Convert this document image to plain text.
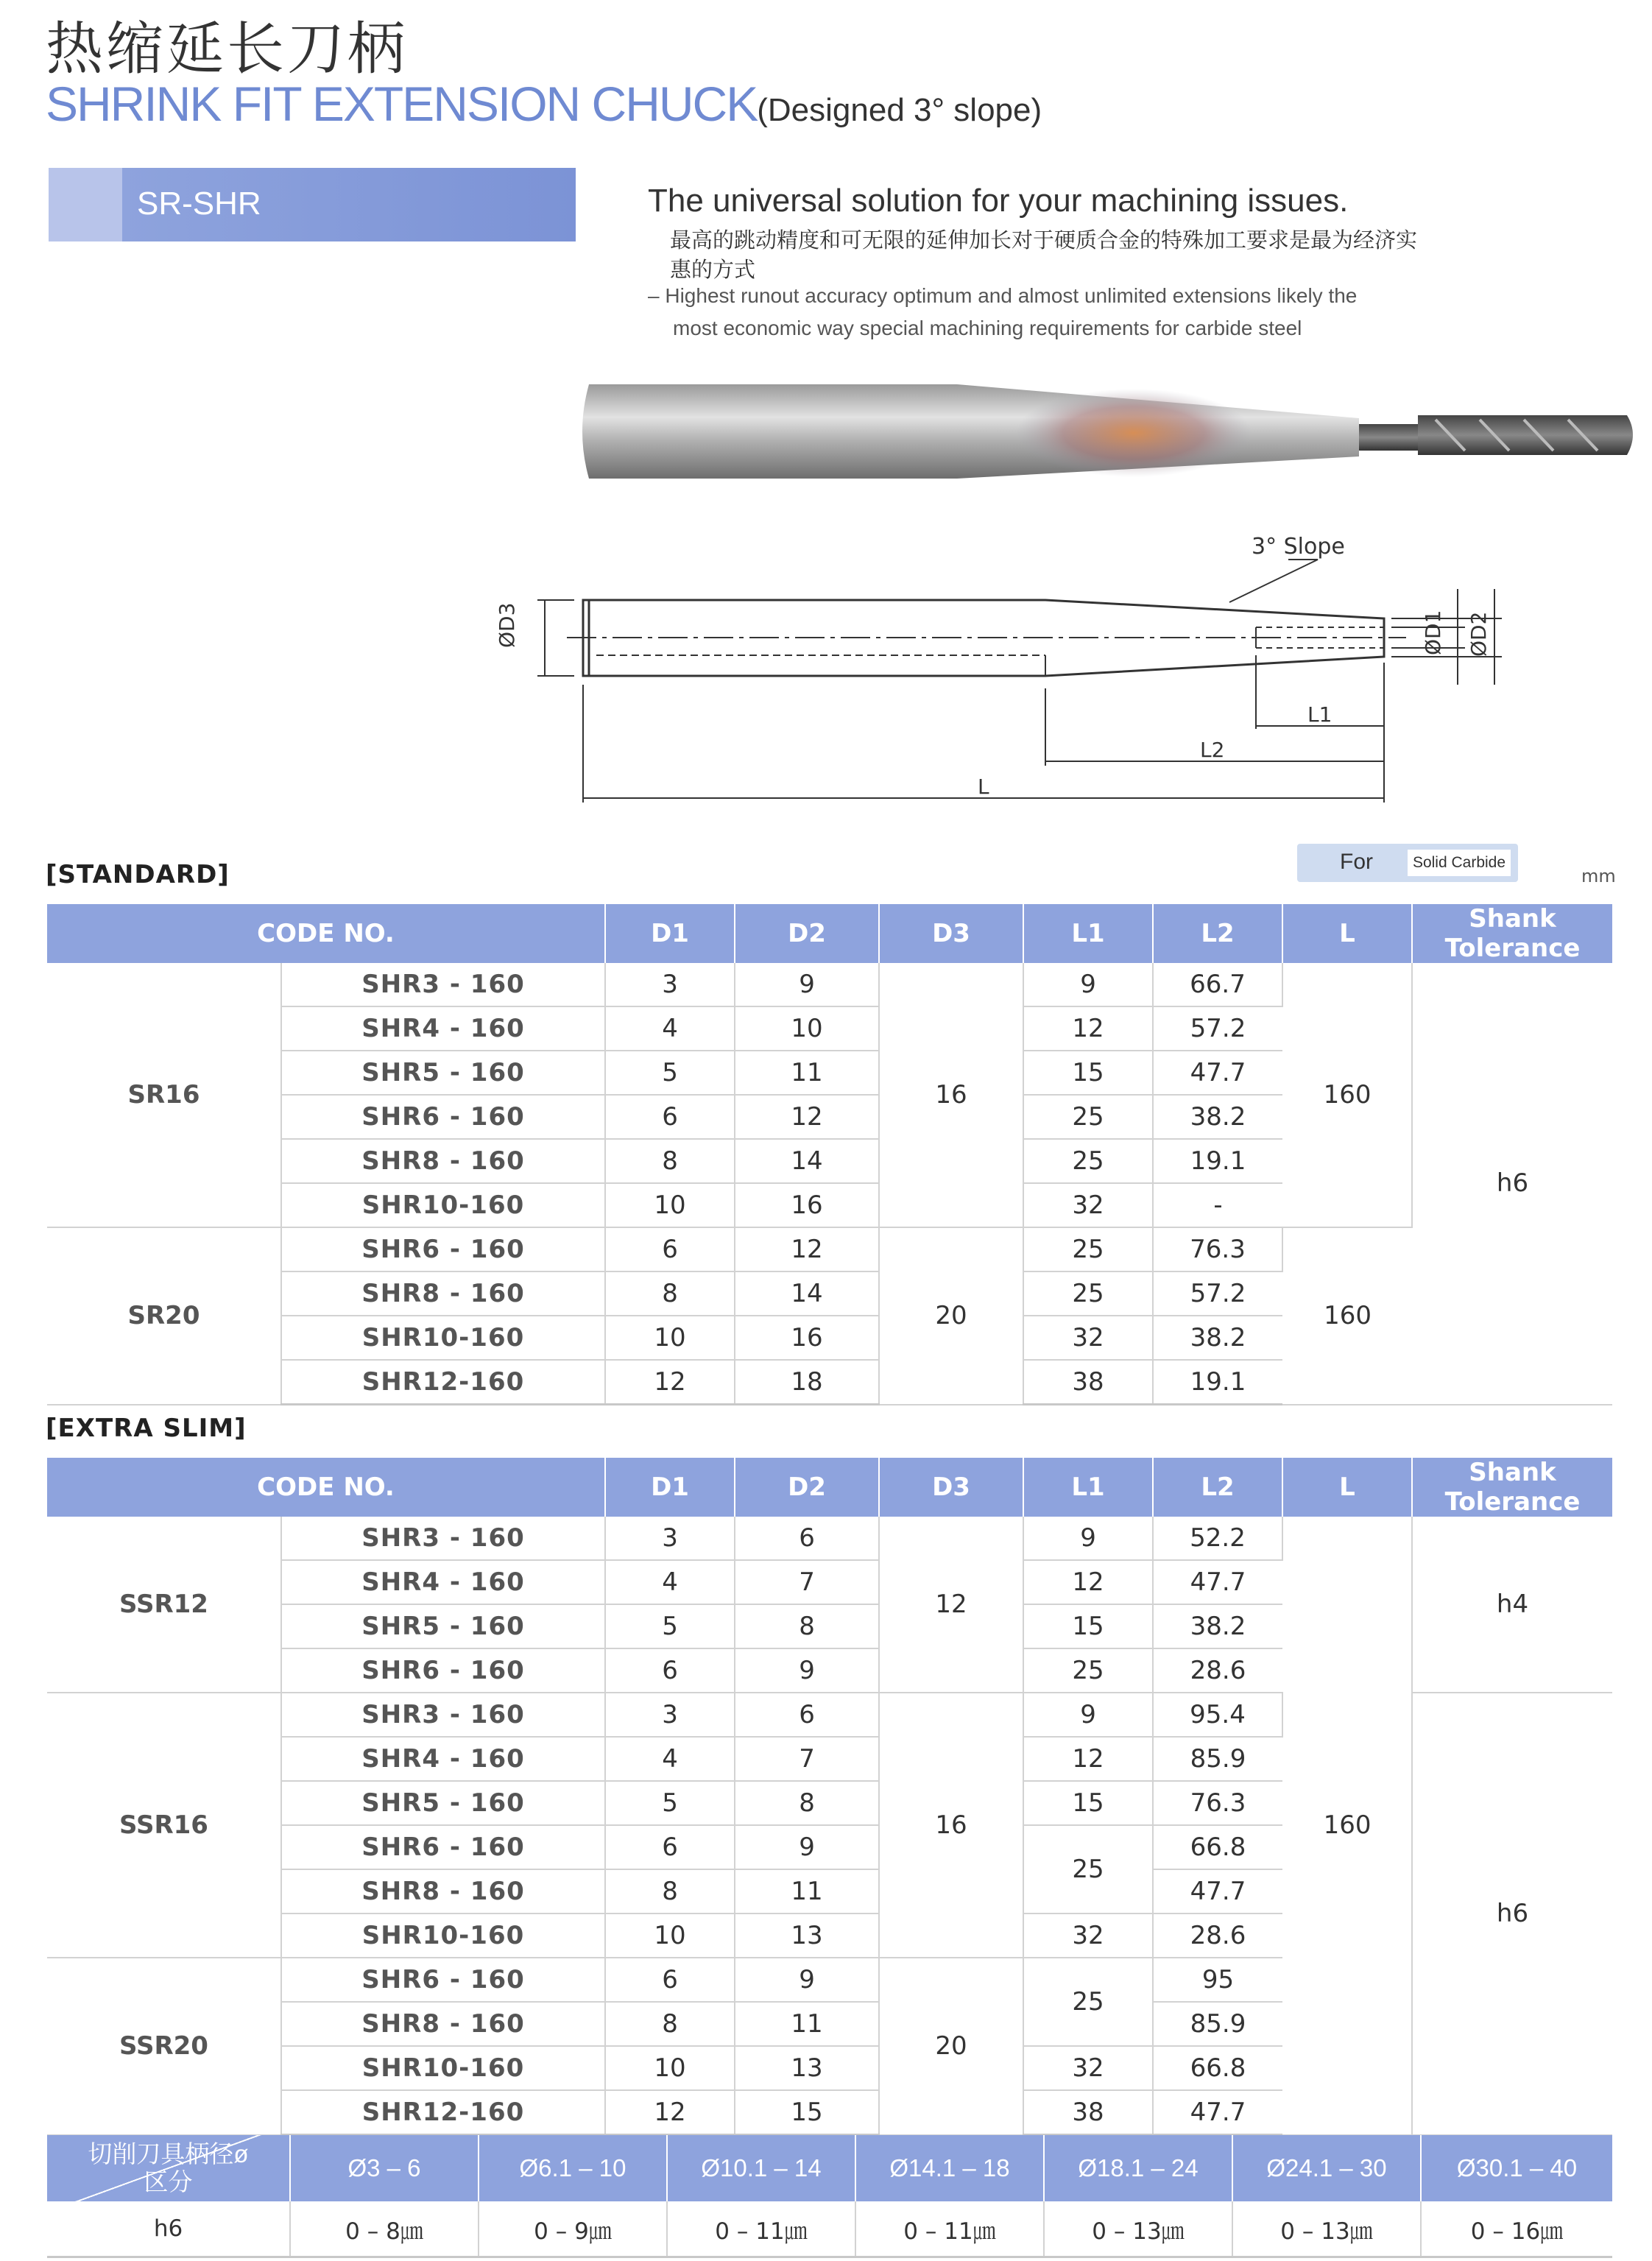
热缩延长刀柄
SHRINK FIT EXTENSION CHUCK(Designed 3° slope)
SR-SHR	The universal solution for your machining issues.
最高的跳动精度和可无限的延伸加长对于硬质合金的特殊加工要求是最为经济实惠的方式
– Highest runout accuracy optimum and almost unlimited extensions likely the
most economic way special machining requirements for carbide steel
3° Slope
ØD3	ØD1 ØD2
L1
L2
L
[STANDARD]	For	Solid Carbide
mm
CODE NO.		D1	D2	D3	L1	L2	L	Shank Tolerance
SR16	SHR3 - 160	3	9	16	9	66.7	160	h6
	SHR4 - 160	4	10		12	57.2		
	SHR5 - 160	5	11		15	47.7		
	SHR6 - 160	6	12		25	38.2		
	SHR8 - 160	8	14		25	19.1		
	SHR10-160	10	16		32	-		
SR20	SHR6 - 160	6	12	20	25	76.3	160	
	SHR8 - 160	8	14		25	57.2		
	SHR10-160	10	16		32	38.2		
	SHR12-160	12	18		38	19.1		
[EXTRA SLIM]
CODE NO.		D1	D2	D3	L1	L2	L	Shank Tolerance
SSR12	SHR3 - 160	3	6	12	9	52.2	160	h4
	SHR4 - 160	4	7		12	47.7		
	SHR5 - 160	5	8		15	38.2		
	SHR6 - 160	6	9		25	28.6		
SSR16	SHR3 - 160	3	6	16	9	95.4		h6
	SHR4 - 160	4	7		12	85.9		
	SHR5 - 160	5	8		15	76.3		
	SHR6 - 160	6	9		25	66.8		
	SHR8 - 160	8	11			47.7		
	SHR10-160	10	13		32	28.6		
SSR20	SHR6 - 160	6	9	20	25	95		
	SHR8 - 160	8	11			85.9		
	SHR10-160	10	13		32	66.8		
	SHR12-160	12	15		38	47.7		
切削刀具柄径ø
区分	Ø3 – 6	Ø6.1 – 10	Ø10.1 – 14	Ø14.1 – 18	Ø18.1 – 24	Ø24.1 – 30	Ø30.1 – 40
h6	0 – 8㎛	0 – 9㎛	0 – 11㎛	0 – 11㎛	0 – 13㎛	0 – 13㎛	0 – 16㎛
